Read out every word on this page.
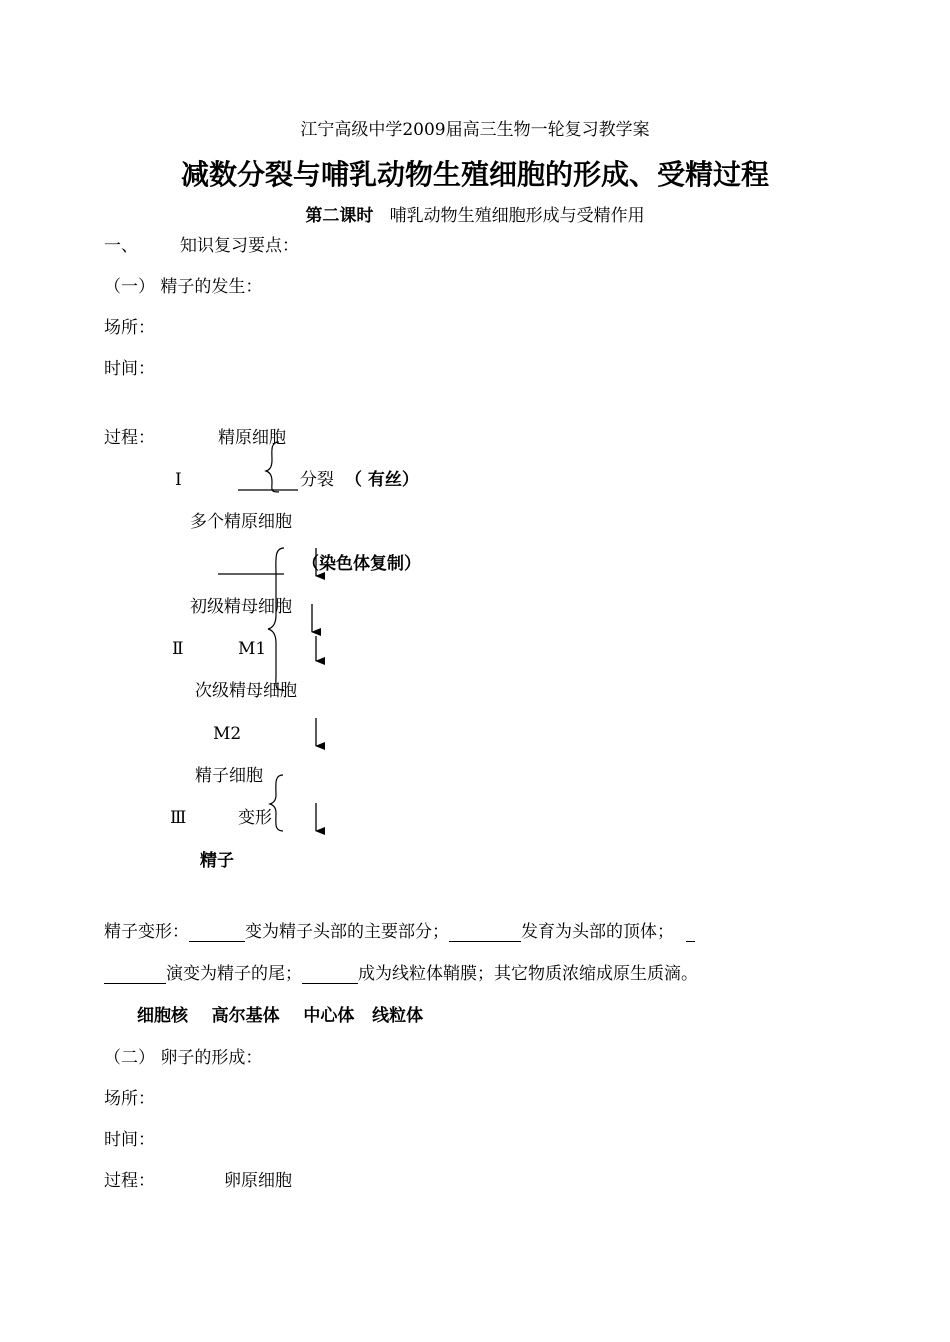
江宁高级中学2009届高三生物一轮复习教学案
减数分裂与哺乳动物生殖细胞的形成、受精过程
第二课时 哺乳动物生殖细胞形成与受精作用
一、 知识复习要点：
（一） 精子的发生：
场所：
时间：
过程：	精原细胞
Ⅰ	分裂 （ 有丝）
多个精原细胞
（染色体复制）
初级精母细胞
Ⅱ	M1
次级精母细胞
M2
精子细胞
Ⅲ	变形
精子
精子变形：	变为精子头部的主要部分；	发育为头部的顶体；
演变为精子的尾；	成为线粒体鞘膜；其它物质浓缩成原生质滴。
细胞核    高尔基体    中心体   线粒体
（二） 卵子的形成：
场所：
时间：
过程：	卵原细胞
